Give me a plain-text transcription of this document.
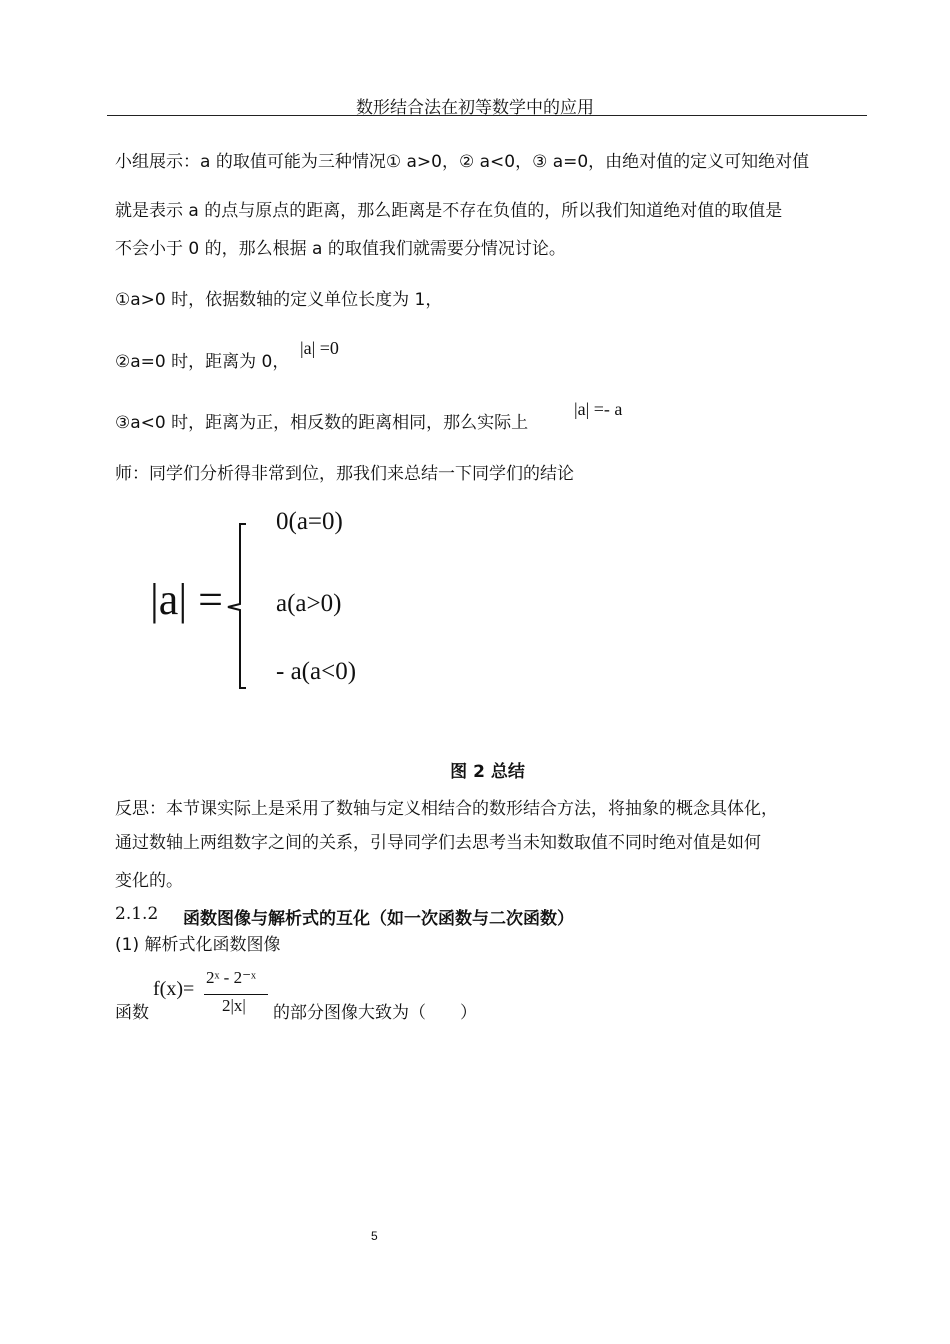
数形结合法在初等数学中的应用
小组展示：a 的取值可能为三种情况① a>0，② a<0，③ a=0，由绝对值的定义可知绝对值
就是表示 a 的点与原点的距离，那么距离是不存在负值的，所以我们知道绝对值的取值是
不会小于 0 的，那么根据 a 的取值我们就需要分情况讨论。
①a>0 时，依据数轴的定义单位长度为 1，
②a=0 时，距离为 0，
|a| =0
③a<0 时，距离为正，相反数的距离相同，那么实际上
|a| =- a
师：同学们分析得非常到位，那我们来总结一下同学们的结论
|a| =
0(a=0)
a(a>0)
- a(a<0)
图 2 总结
反思：本节课实际上是采用了数轴与定义相结合的数形结合方法，将抽象的概念具体化，
通过数轴上两组数字之间的关系，引导同学们去思考当未知数取值不同时绝对值是如何
变化的。
2.1.2 函数图像与解析式的互化（如一次函数与二次函数）
(1) 解析式化函数图像
函数
f(x)=
2ˣ - 2⁻ˣ
2|x| 的部分图像大致为（　　）
5
